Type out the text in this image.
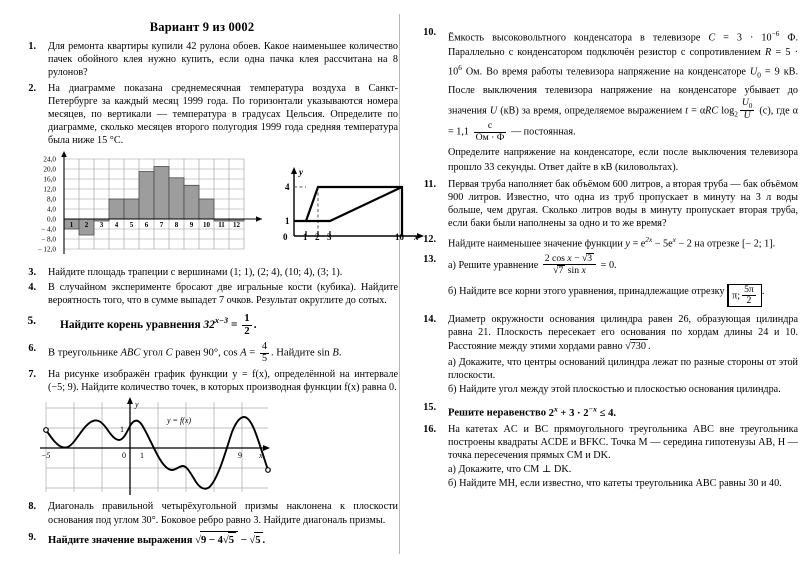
Вариант 9 из 0002
1.	Для ремонта квартиры купили 42 рулона обоев. Какое наименьшее количество пачек обойного клея нужно купить, если одна пачка клея рассчитана на 8 рулонов?
2.	На диаграмме показана среднемесячная температура воздуха в Санкт-Петербурге за каждый месяц 1999 года. По горизонтали указываются номера месяцев, по вертикали — температура в градусах Цельсия. Определите по диаграмме, сколько месяцев второго полугодия 1999 года средняя температура была ниже 15 °C.
24,0
20,0
16,0
12,0
8,0
4,0
0,0
− 4,0
− 8,0
− 12,0
1 2 3 4 5 6 7 8 9 10 11 12
4
1
0 1 2 3	10
y
x
3.	Найдите площадь трапеции с вершинами (1; 1), (2; 4), (10; 4), (3; 1).
4.	В случайном эксперименте бросают две игральные кости (кубика). Найдите вероятность того, что в сумме выпадет 7 очков. Результат округлите до сотых.
5.	Найдите корень уравнения $32^{x-3} = \frac{1}{2}$ .
6.	В треугольнике ABC угол C равен 90°, $\cos A = \frac{4}{5}$ . Найдите sin B.
7.	На рисунке изображён график функции y = f(x), определённой на интервале (−5; 9). Найдите количество точек, в которых производная функции f(x) равна 0.
−5	0 1	9
1
y
x
y = f(x)
8.	Диагональ правильной четырёхугольной призмы наклонена к плоскости основания под углом 30°. Боковое ребро равно 3. Найдите диагональ призмы.
9.	Найдите значение выражения √9 − 4√5 − √5 .
10.	Ёмкость высоковольтного конденсатора в телевизоре $C = 3 \cdot 10^{-6}$ Ф. Параллельно с конденсатором подключён резистор с сопротивлением $R = 5 \cdot 10^6$ Ом. Во время работы телевизора напряжение на конденсаторе $U_0 = 9$ кВ. После выключения телевизора напряжение на конденсаторе убывает до значения U (кВ) за время, определяемое выражением t = αRC $\log_2 \frac{U_0}{U} (с)$, где $\alpha = 1,1 \frac{с}{Ом \cdot Ф}$ — постоянная.

Определите напряжение на конденсаторе, если после выключения телевизора прошло 33 секунды. Ответ дайте в кВ (киловольтах).

11.	Первая труба наполняет бак объёмом 600 литров, а вторая труба — бак объёмом 900 литров. Известно, что одна из труб пропускает в минуту на 3 л воды больше, чем другая. Сколько литров воды в минуту пропускает вторая труба, если баки были наполнены за одно и то же время?
12.	Найдите наименьшее значение функции $y = e^{2x} - 5e^x - 2$ на отрезке [− 2; 1].
13.

а) Решите уравнение $\frac{\text{2 cos x − √3}}{\text{√7 sin x}} = 0$.

б) Найдите все корни этого уравнения, принадлежащие отрезку π; $\frac{5\pi}{2}$ .

14.	Диаметр окружности основания цилиндра равен 26, образующая цилиндра равна 21. Плоскость пересекает его основания по хордам длины 24 и 10. Расстояние между этими хордами равно √730 .

а) Докажите, что центры оснований цилиндра лежат по разные стороны от этой плоскости.

б) Найдите угол между этой плоскостью и плоскостью основания цилиндра.

15.
Решите неравенство $2^x + 3 \cdot 2^{-x} \le 4$.
16.	На катетах AC и BC прямоугольного треугольника ABC вне треугольника построены квадраты ACDE и BFKC. Точка M — середина гипотенузы AB, H — точка пересечения прямых CM и DK.

а) Докажите, что CM ⊥ DK.

б) Найдите MH, если известно, что катеты треугольника ABC равны 30 и 40.
